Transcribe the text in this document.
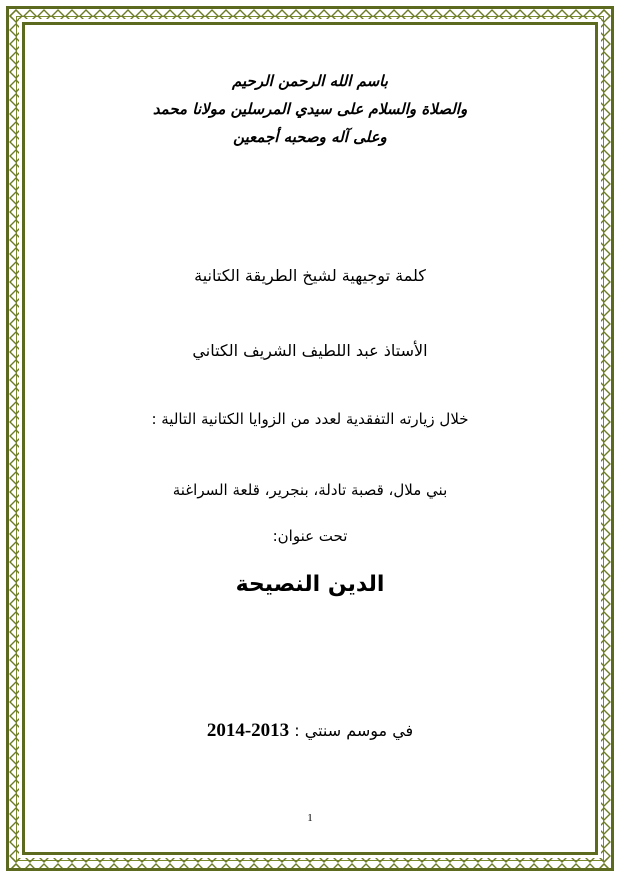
باسم الله الرحمن الرحيم
والصلاة والسلام على سيدي المرسلين مولانا محمد
وعلى آله وصحبه أجمعين
كلمة توجيهية لشيخ الطريقة الكتانية
الأستاذ عبد اللطيف الشريف الكتاني
خلال زيارته التفقدية لعدد من الزوايا الكتانية التالية :
بني ملال، قصبة تادلة، بنجرير، قلعة السراغنة
تحت عنوان:
الدين النصيحة
في موسم سنتي : 2014-2013
1
